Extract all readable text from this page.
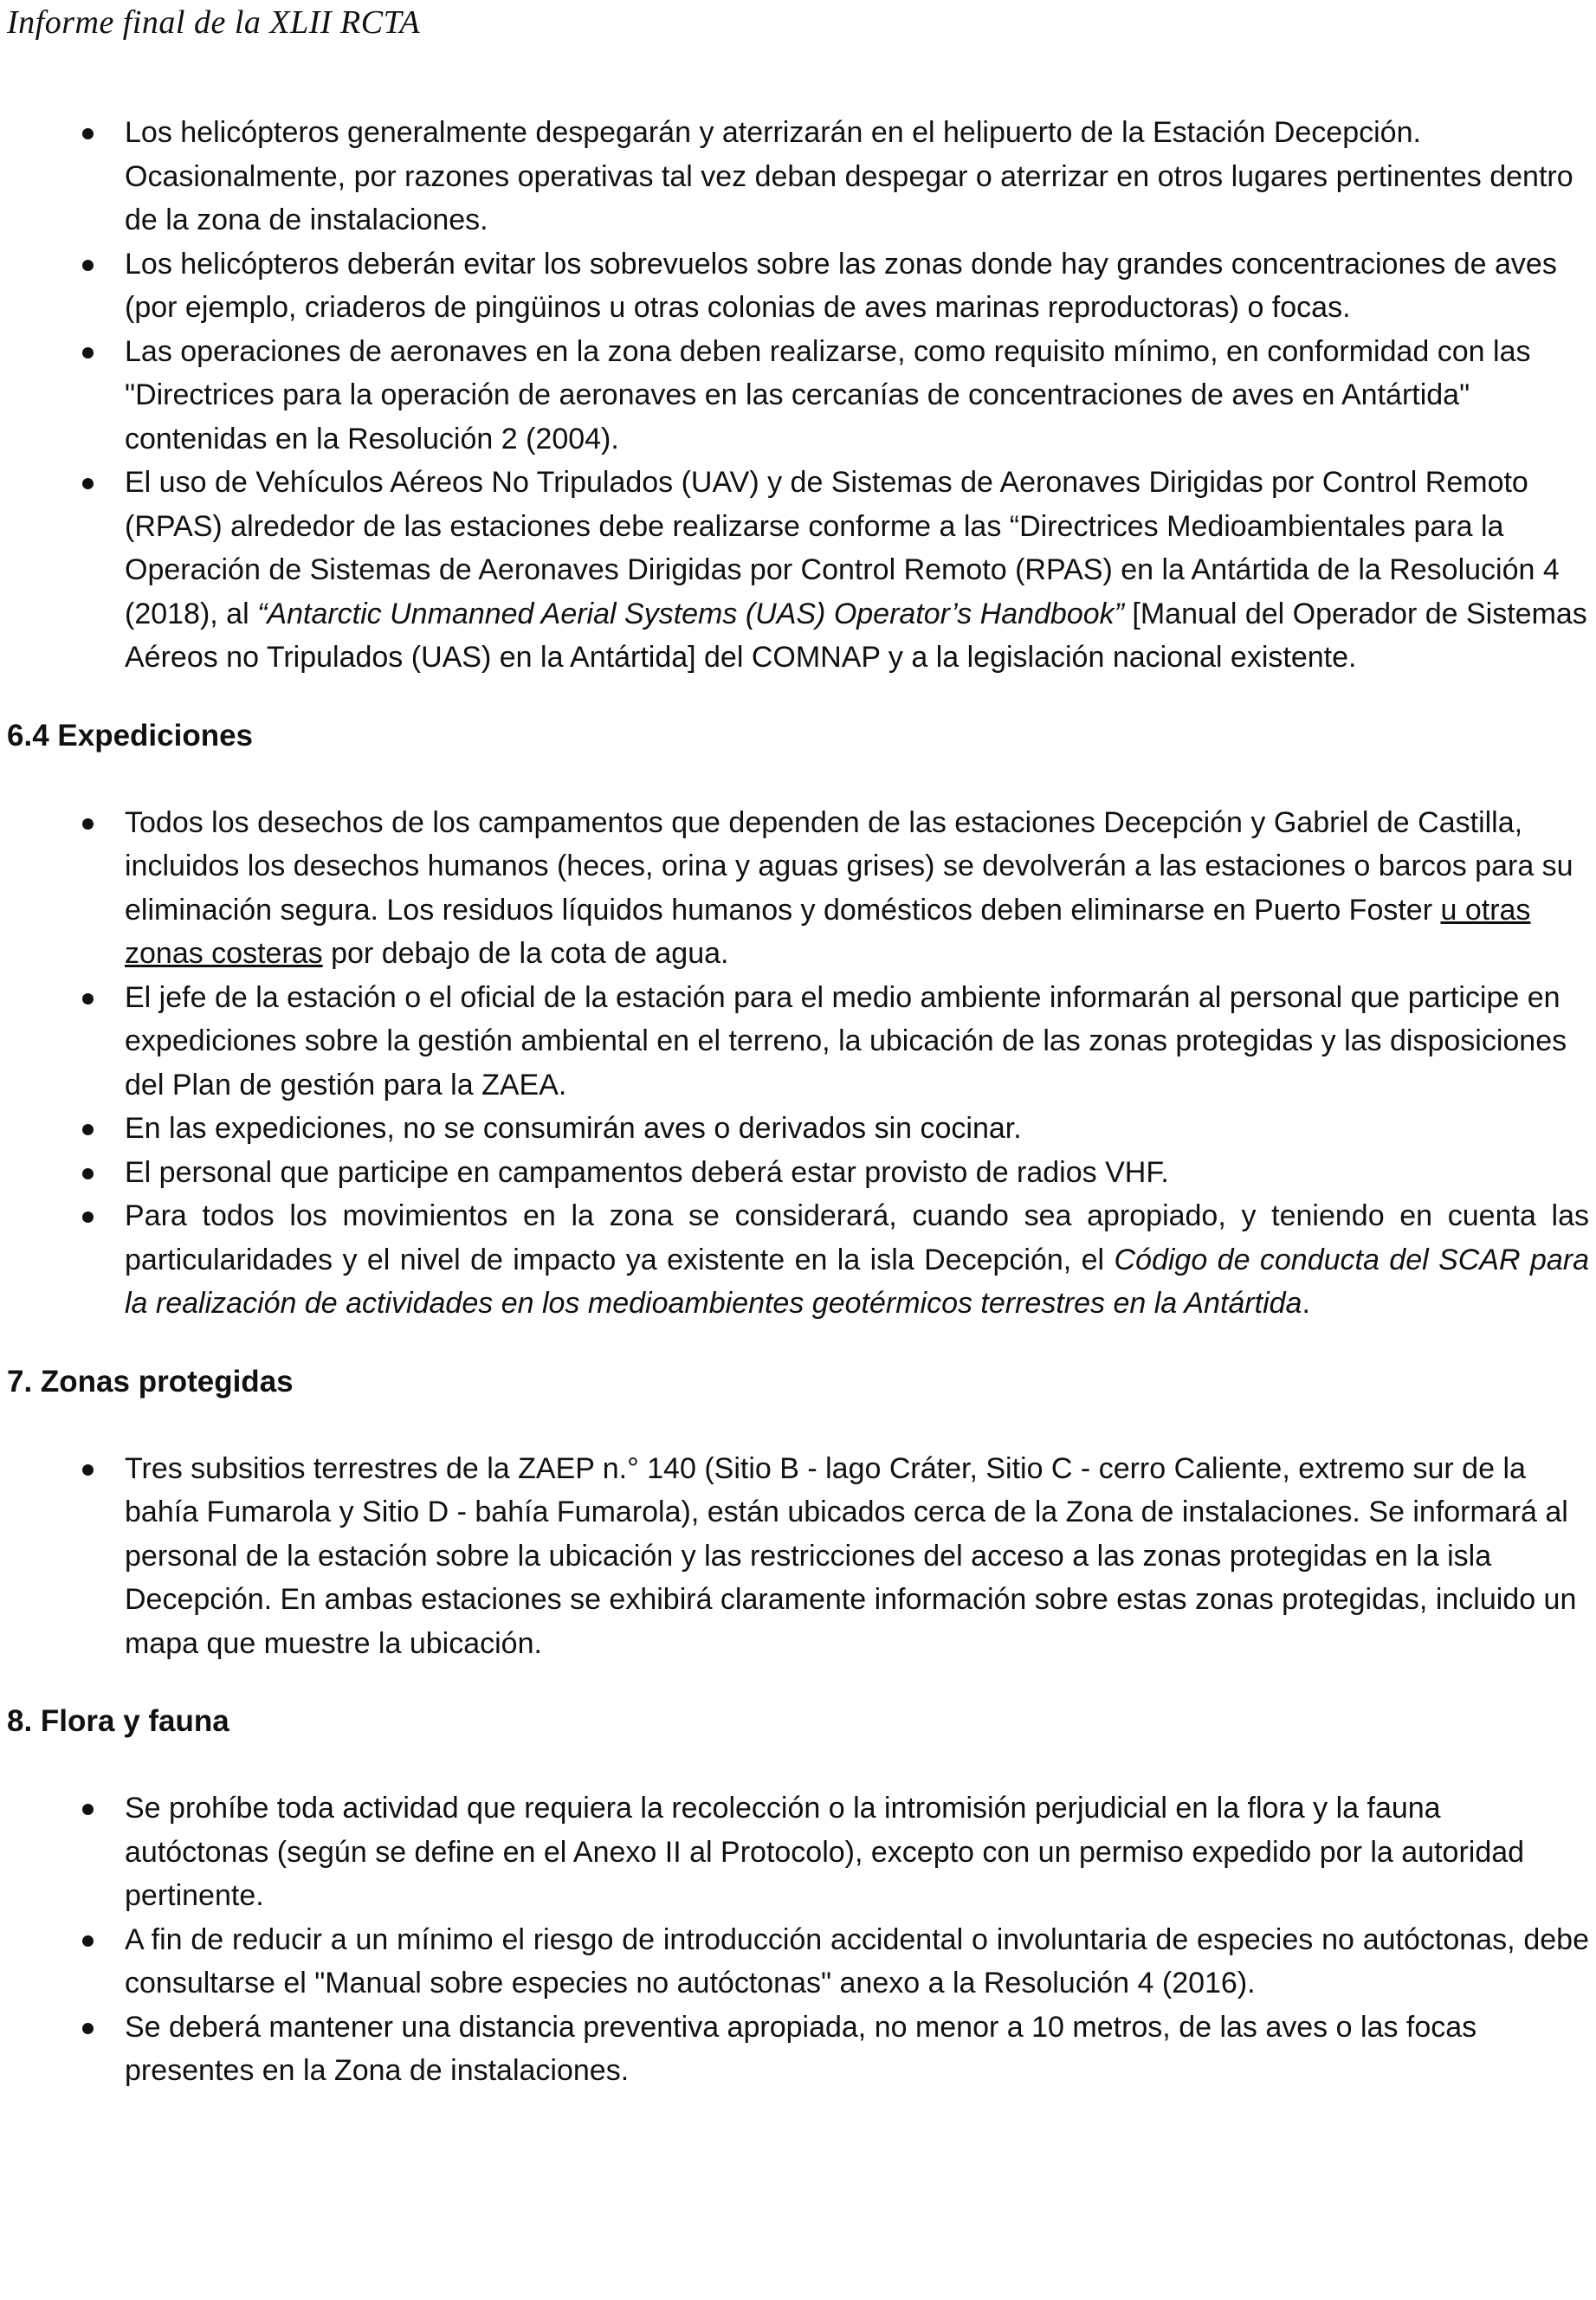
Informe final de la XLII RCTA
Los helicópteros generalmente despegarán y aterrizarán en el helipuerto de la Estación Decepción. Ocasionalmente, por razones operativas tal vez deban despegar o aterrizar en otros lugares pertinentes dentro de la zona de instalaciones.
Los helicópteros deberán evitar los sobrevuelos sobre las zonas donde hay grandes concentraciones de aves (por ejemplo, criaderos de pingüinos u otras colonias de aves marinas reproductoras) o focas.
Las operaciones de aeronaves en la zona deben realizarse, como requisito mínimo, en conformidad con las "Directrices para la operación de aeronaves en las cercanías de concentraciones de aves en Antártida" contenidas en la Resolución 2 (2004).
El uso de Vehículos Aéreos No Tripulados (UAV) y de Sistemas de Aeronaves Dirigidas por Control Remoto (RPAS) alrededor de las estaciones debe realizarse conforme a las “Directrices Medioambientales para la Operación de Sistemas de Aeronaves Dirigidas por Control Remoto (RPAS) en la Antártida de la Resolución 4 (2018), al “Antarctic Unmanned Aerial Systems (UAS) Operator’s Handbook” [Manual del Operador de Sistemas Aéreos no Tripulados (UAS) en la Antártida] del COMNAP y a la legislación nacional existente.
6.4 Expediciones
Todos los desechos de los campamentos que dependen de las estaciones Decepción y Gabriel de Castilla, incluidos los desechos humanos (heces, orina y aguas grises) se devolverán a las estaciones o barcos para su eliminación segura. Los residuos líquidos humanos y domésticos deben eliminarse en Puerto Foster u otras zonas costeras por debajo de la cota de agua.
El jefe de la estación o el oficial de la estación para el medio ambiente informarán al personal que participe en expediciones sobre la gestión ambiental en el terreno, la ubicación de las zonas protegidas y las disposiciones del Plan de gestión para la ZAEA.
En las expediciones, no se consumirán aves o derivados sin cocinar.
El personal que participe en campamentos deberá estar provisto de radios VHF.
Para todos los movimientos en la zona se considerará, cuando sea apropiado, y teniendo en cuenta las particularidades y el nivel de impacto ya existente en la isla Decepción, el Código de conducta del SCAR para la realización de actividades en los medioambientes geotérmicos terrestres en la Antártida.
7. Zonas protegidas
Tres subsitios terrestres de la ZAEP n.° 140 (Sitio B - lago Cráter, Sitio C - cerro Caliente, extremo sur de la bahía Fumarola y Sitio D - bahía Fumarola), están ubicados cerca de la Zona de instalaciones. Se informará al personal de la estación sobre la ubicación y las restricciones del acceso a las zonas protegidas en la isla Decepción. En ambas estaciones se exhibirá claramente información sobre estas zonas protegidas, incluido un mapa que muestre la ubicación.
8. Flora y fauna
Se prohíbe toda actividad que requiera la recolección o la intromisión perjudicial en la flora y la fauna autóctonas (según se define en el Anexo II al Protocolo), excepto con un permiso expedido por la autoridad pertinente.
A fin de reducir a un mínimo el riesgo de introducción accidental o involuntaria de especies no autóctonas, debe consultarse el "Manual sobre especies no autóctonas" anexo a la Resolución 4 (2016).
Se deberá mantener una distancia preventiva apropiada, no menor a 10 metros, de las aves o las focas presentes en la Zona de instalaciones.
